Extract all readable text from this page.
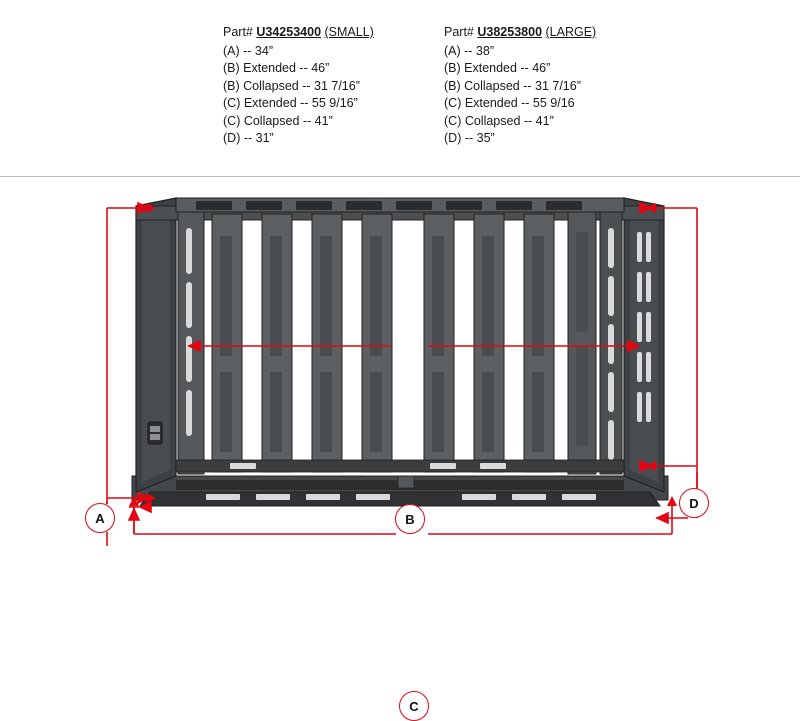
Part# U34253400 (SMALL)
(A) -- 34”
(B) Extended -- 46”
(B) Collapsed -- 31 7/16”
(C) Extended -- 55 9/16”
(C) Collapsed -- 41”
(D) -- 31”
Part# U38253800 (LARGE)
(A) -- 38”
(B) Extended -- 46”
(B) Collapsed -- 31 7/16”
(C) Extended -- 55 9/16
(C) Collapsed -- 41”
(D) -- 35”
A	B
C
D
